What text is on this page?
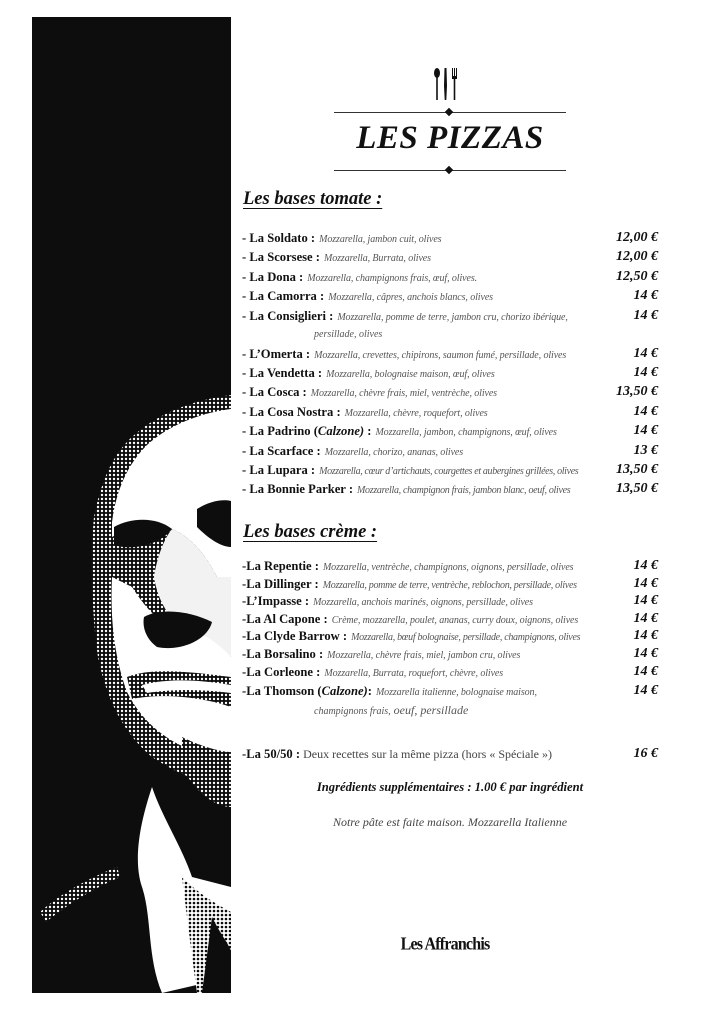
LES PIZZAS
Les bases tomate :
- La Soldato : Mozzarella, jambon cuit, olives	12,00 €
- La Scorsese : Mozzarella, Burrata, olives	12,00 €
- La Dona : Mozzarella, champignons frais, œuf, olives.	12,50 €
- La Camorra : Mozzarella, câpres, anchois blancs, olives	14 €
- La Consiglieri : Mozzarella, pomme de terre, jambon cru, chorizo ibérique,	14 €
persillade, olives
- L’Omerta : Mozzarella, crevettes, chipirons, saumon fumé, persillade, olives	14 €
- La Vendetta : Mozzarella, bolognaise maison, œuf, olives	14 €
- La Cosca : Mozzarella, chèvre frais, miel, ventrèche, olives	13,50 €
- La Cosa Nostra : Mozzarella, chèvre, roquefort, olives	14 €
- La Padrino (Calzone) : Mozzarella, jambon, champignons, œuf, olives	14 €
- La Scarface : Mozzarella, chorizo, ananas, olives	13 €
- La Lupara : Mozzarella, cœur d’artichauts, courgettes et aubergines grillées, olives	13,50 €
- La Bonnie Parker : Mozzarella, champignon frais, jambon blanc, oeuf, olives	13,50 €
Les bases crème :
-La Repentie : Mozzarella, ventrèche, champignons, oignons, persillade, olives	14 €
-La Dillinger : Mozzarella, pomme de terre, ventrèche, reblochon, persillade, olives	14 €
-L’Impasse : Mozzarella, anchois marinés, oignons, persillade, olives	14 €
-La Al Capone : Crème, mozzarella, poulet, ananas, curry doux, oignons, olives	14 €
-La Clyde Barrow : Mozzarella, bœuf bolognaise, persillade, champignons, olives	14 €
-La Borsalino : Mozzarella, chèvre frais, miel, jambon cru, olives	14 €
-La Corleone : Mozzarella, Burrata, roquefort, chèvre, olives	14 €
-La Thomson (Calzone): Mozzarella italienne, bolognaise maison,	14 €
champignons frais, oeuf, persillade
-La 50/50 : Deux recettes sur la même pizza (hors « Spéciale »)	16 €
Ingrédients supplémentaires : 1.00 € par ingrédient
Notre pâte est faite maison. Mozzarella Italienne
Les Affranchis
